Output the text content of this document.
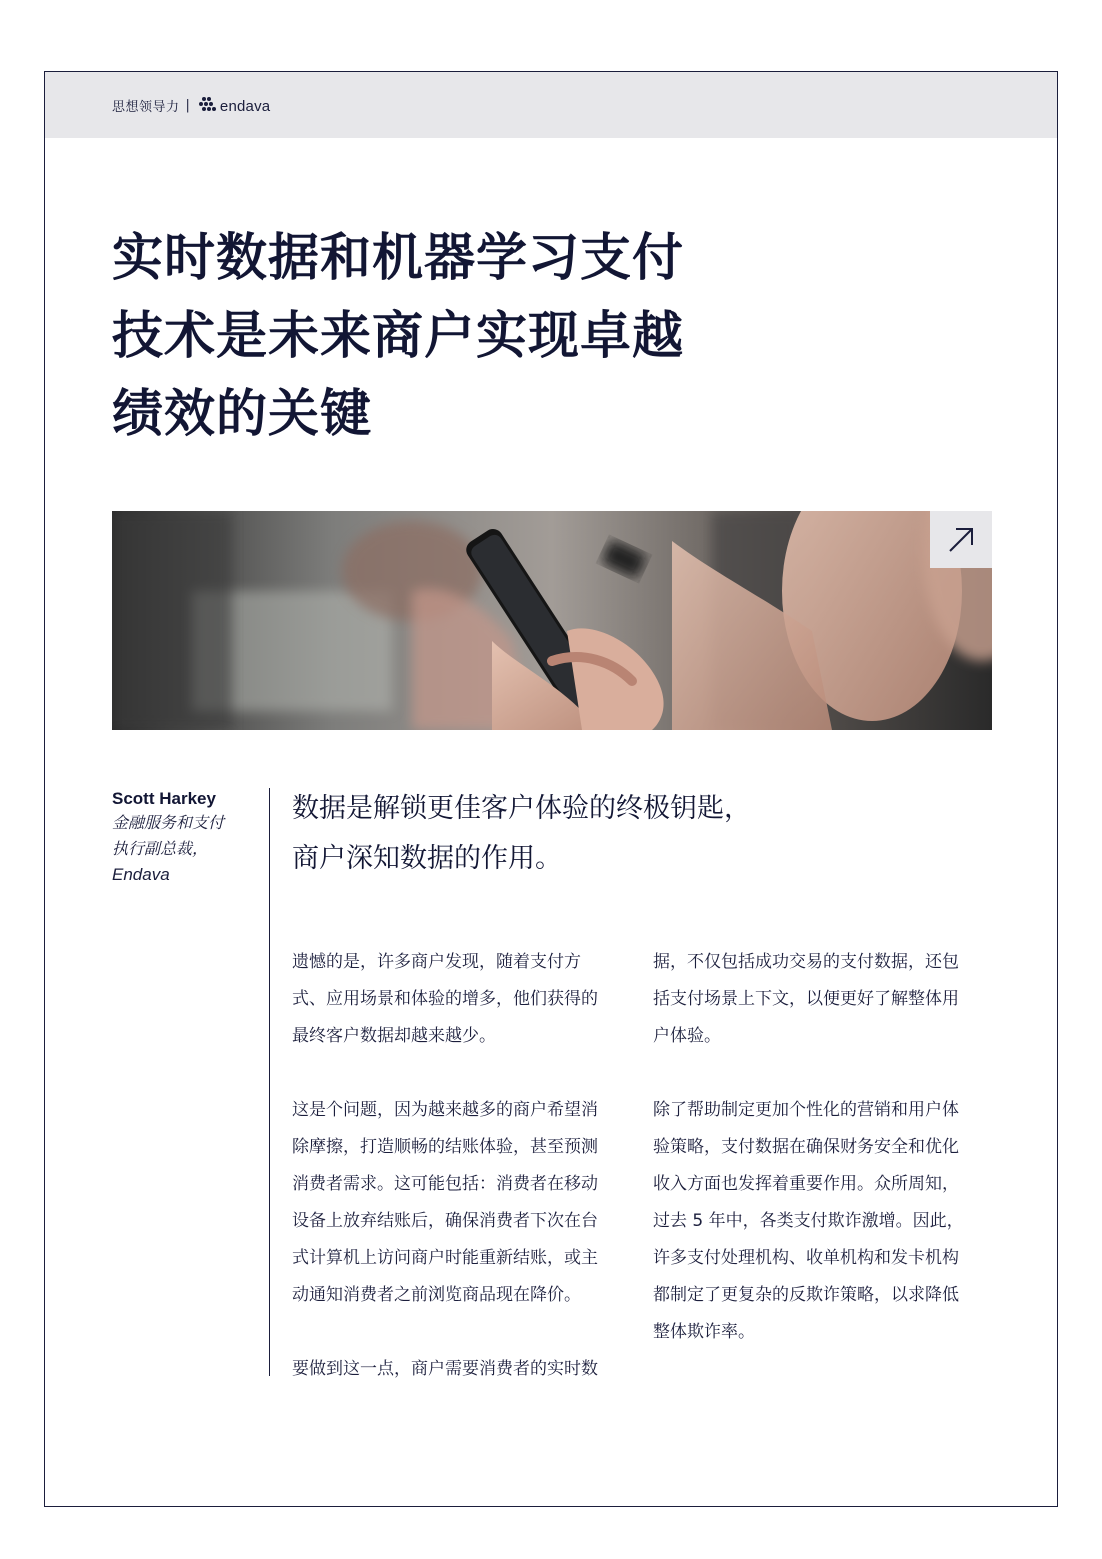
思想领导力 | endava
实时数据和机器学习支付
技术是未来商户实现卓越
绩效的关键
Scott Harkey
金融服务和支付
执行副总裁，
Endava
数据是解锁更佳客户体验的终极钥匙，
商户深知数据的作用。
遗憾的是，许多商户发现，随着支付方
式、应用场景和体验的增多，他们获得的
最终客户数据却越来越少。
这是个问题，因为越来越多的商户希望消
除摩擦，打造顺畅的结账体验，甚至预测
消费者需求。这可能包括：消费者在移动
设备上放弃结账后，确保消费者下次在台
式计算机上访问商户时能重新结账，或主
动通知消费者之前浏览商品现在降价。
要做到这一点，商户需要消费者的实时数
据，不仅包括成功交易的支付数据，还包
括支付场景上下文，以便更好了解整体用
户体验。
除了帮助制定更加个性化的营销和用户体
验策略，支付数据在确保财务安全和优化
收入方面也发挥着重要作用。众所周知，
过去 5 年中，各类支付欺诈激增。因此，
许多支付处理机构、收单机构和发卡机构
都制定了更复杂的反欺诈策略，以求降低
整体欺诈率。
